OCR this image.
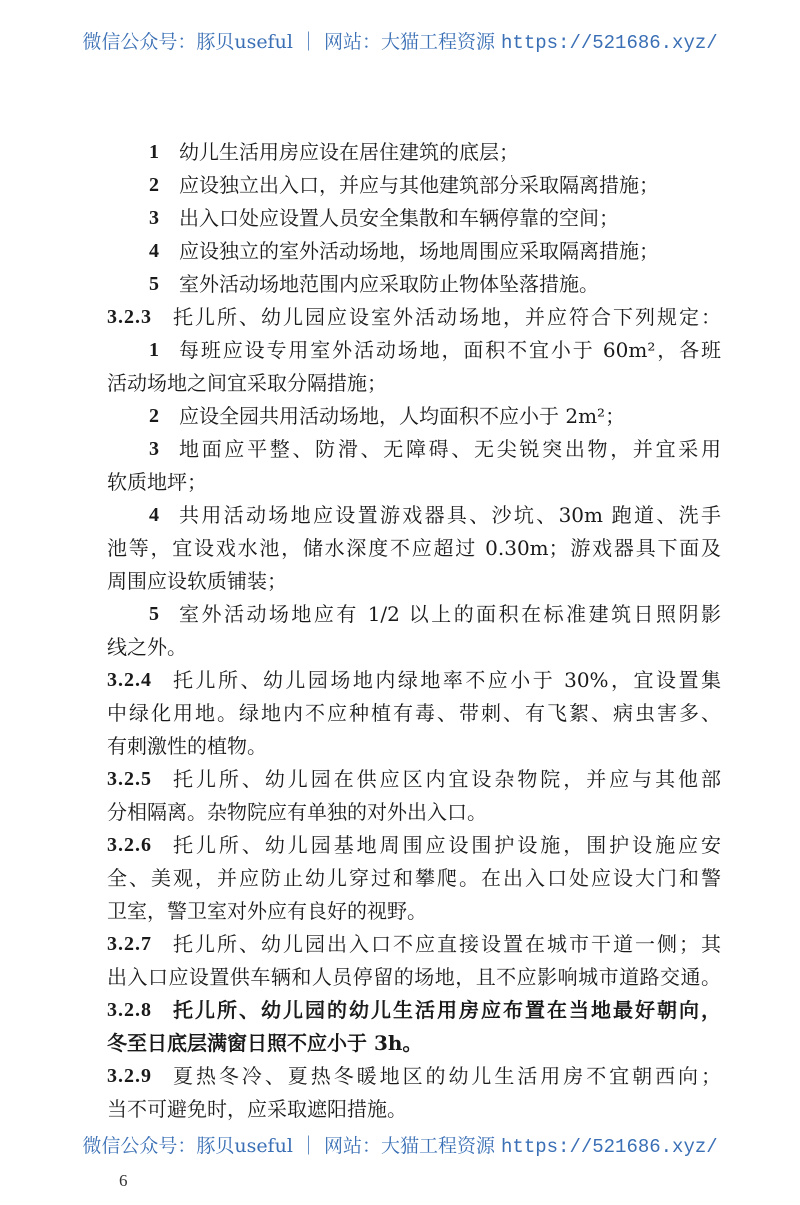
微信公众号：豚贝useful ｜ 网站：大猫工程资源 https://521686.xyz/
1	幼儿生活用房应设在居住建筑的底层；
2	应设独立出入口，并应与其他建筑部分采取隔离措施；
3	出入口处应设置人员安全集散和车辆停靠的空间；
4	应设独立的室外活动场地，场地周围应采取隔离措施；
5	室外活动场地范围内应采取防止物体坠落措施。
3.2.3	托儿所、幼儿园应设室外活动场地，并应符合下列规定：
1	每班应设专用室外活动场地，面积不宜小于 60m²，各班
活动场地之间宜采取分隔措施；
2	应设全园共用活动场地，人均面积不应小于 2m²；
3	地面应平整、防滑、无障碍、无尖锐突出物，并宜采用
软质地坪；
4	共用活动场地应设置游戏器具、沙坑、30m 跑道、洗手
池等，宜设戏水池，储水深度不应超过 0.30m；游戏器具下面及
周围应设软质铺装；
5	室外活动场地应有 1/2 以上的面积在标准建筑日照阴影
线之外。
3.2.4	托儿所、幼儿园场地内绿地率不应小于 30%，宜设置集
中绿化用地。绿地内不应种植有毒、带刺、有飞絮、病虫害多、
有刺激性的植物。
3.2.5	托儿所、幼儿园在供应区内宜设杂物院，并应与其他部
分相隔离。杂物院应有单独的对外出入口。
3.2.6	托儿所、幼儿园基地周围应设围护设施，围护设施应安
全、美观，并应防止幼儿穿过和攀爬。在出入口处应设大门和警
卫室，警卫室对外应有良好的视野。
3.2.7	托儿所、幼儿园出入口不应直接设置在城市干道一侧；其
出入口应设置供车辆和人员停留的场地，且不应影响城市道路交通。
3.2.8	托儿所、幼儿园的幼儿生活用房应布置在当地最好朝向，
冬至日底层满窗日照不应小于 3h。
3.2.9	夏热冬冷、夏热冬暖地区的幼儿生活用房不宜朝西向；
当不可避免时，应采取遮阳措施。
微信公众号：豚贝useful ｜ 网站：大猫工程资源 https://521686.xyz/
6
